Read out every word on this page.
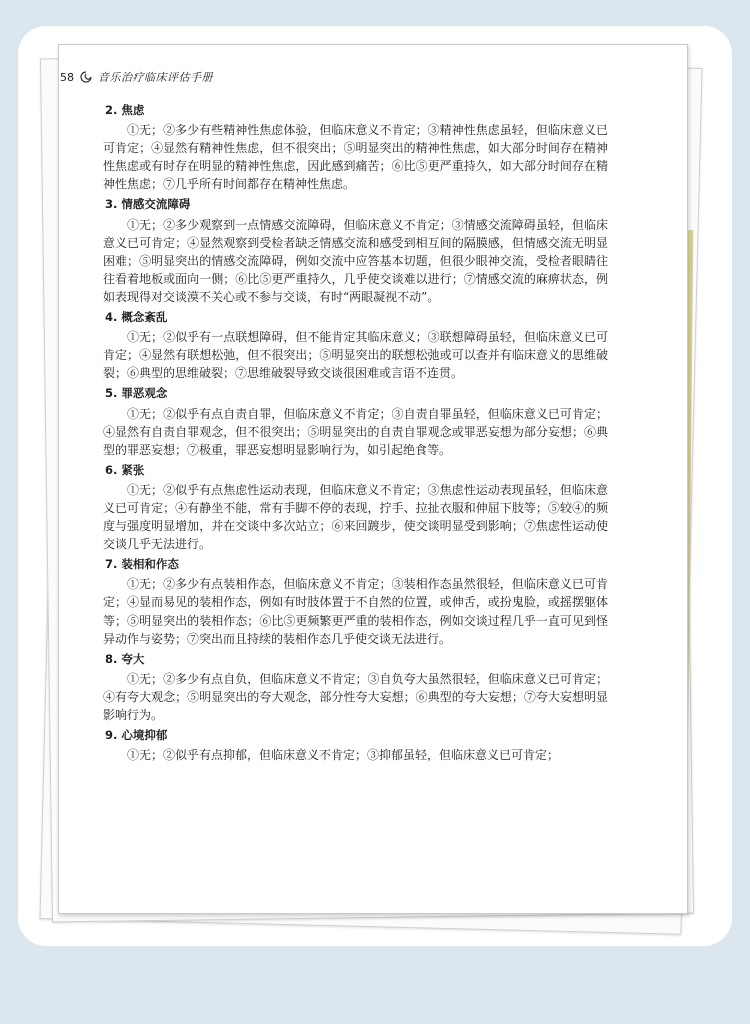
58 音乐治疗临床评估手册
2. 焦虑

①无；②多少有些精神性焦虑体验，但临床意义不肯定；③精神性焦虑虽轻，但临床意义已可肯定；④显然有精神性焦虑，但不很突出；⑤明显突出的精神性焦虑，如大部分时间存在精神性焦虑或有时存在明显的精神性焦虑，因此感到痛苦；⑥比⑤更严重持久，如大部分时间存在精神性焦虑；⑦几乎所有时间都存在精神性焦虑。

3. 情感交流障碍

①无；②多少观察到一点情感交流障碍，但临床意义不肯定；③情感交流障碍虽轻，但临床意义已可肯定；④显然观察到受检者缺乏情感交流和感受到相互间的隔膜感，但情感交流无明显困难；⑤明显突出的情感交流障碍，例如交流中应答基本切题，但很少眼神交流，受检者眼睛往往看着地板或面向一侧；⑥比⑤更严重持久，几乎使交谈难以进行；⑦情感交流的麻痹状态，例如表现得对交谈漠不关心或不参与交谈，有时“两眼凝视不动”。

4. 概念紊乱

①无；②似乎有一点联想障碍，但不能肯定其临床意义；③联想障碍虽轻，但临床意义已可肯定；④显然有联想松弛，但不很突出；⑤明显突出的联想松弛或可以查并有临床意义的思维破裂；⑥典型的思维破裂；⑦思维破裂导致交谈很困难或言语不连贯。

5. 罪恶观念

①无；②似乎有点自责自罪，但临床意义不肯定；③自责自罪虽轻，但临床意义已可肯定；④显然有自责自罪观念，但不很突出；⑤明显突出的自责自罪观念或罪恶妄想为部分妄想；⑥典型的罪恶妄想；⑦极重，罪恶妄想明显影响行为，如引起绝食等。

6. 紧张

①无；②似乎有点焦虑性运动表现，但临床意义不肯定；③焦虑性运动表现虽轻，但临床意义已可肯定；④有静坐不能，常有手脚不停的表现，拧手、拉扯衣服和伸屈下肢等；⑤较④的频度与强度明显增加，并在交谈中多次站立；⑥来回踱步，使交谈明显受到影响；⑦焦虑性运动使交谈几乎无法进行。

7. 装相和作态

①无；②多少有点装相作态，但临床意义不肯定；③装相作态虽然很轻，但临床意义已可肯定；④显而易见的装相作态，例如有时肢体置于不自然的位置，或伸舌，或扮鬼脸，或摇摆躯体等；⑤明显突出的装相作态；⑥比⑤更频繁更严重的装相作态，例如交谈过程几乎一直可见到怪异动作与姿势；⑦突出而且持续的装相作态几乎使交谈无法进行。

8. 夸大

①无；②多少有点自负，但临床意义不肯定；③自负夸大虽然很轻，但临床意义已可肯定；④有夸大观念；⑤明显突出的夸大观念，部分性夸大妄想；⑥典型的夸大妄想；⑦夸大妄想明显影响行为。

9. 心境抑郁

①无；②似乎有点抑郁，但临床意义不肯定；③抑郁虽轻，但临床意义已可肯定；
